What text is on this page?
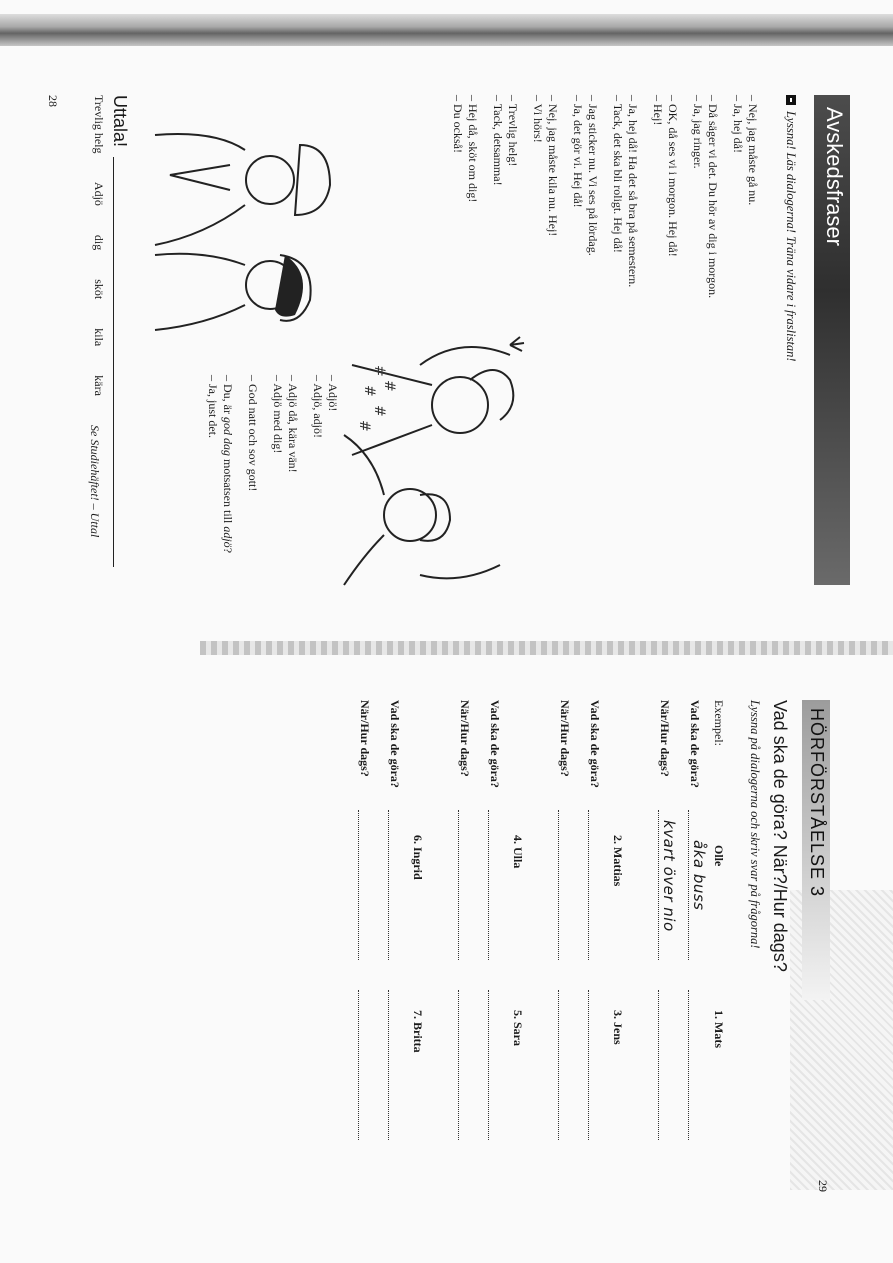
Avskedsfraser
Lyssna! Läs dialogerna! Träna vidare i fraslistan!
– Nej, jag måste gå nu.
– Ja, hej då!
– Då säger vi det. Du hör av dig i morgon.
– Ja, jag ringer.
– OK, då ses vi i morgon. Hej då!
– Hej!
– Ja, hej då! Ha det så bra på semestern.
– Tack, det ska bli roligt. Hej då!
– Jag sticker nu. Vi ses på lördag.
– Ja, det gör vi. Hej då!
– Nej, jag måste kila nu. Hej!
– Vi hörs!
– Trevlig helg!
– Tack, detsamma!
– Hej då, sköt om dig!
– Du också!
#
#
#
#
#
– Adjö!
– Adjö, adjö!
– Adjö då, kära vän!
– Adjö med dig!
– God natt och sov gott!
– Du, är god dag motsatsen till adjö?
– Ja, just det.
Uttala!
Trevlig helg Adjö dig sköt kila kära
Se Studiehäftet! – Uttal
28
HÖRFÖRSTÅELSE 3
Vad ska de göra? När?/Hur dags?
Lyssna på dialogerna och skriv svar på frågorna!
Exempel:
Olle
1. Mats
Vad ska de göra?
åka buss
När/Hur dags?
kvart över nio
2. Mattias
3. Jens
Vad ska de göra?
När/Hur dags?
4. Ulla
5. Sara
Vad ska de göra?
När/Hur dags?
6. Ingrid
7. Britta
Vad ska de göra?
När/Hur dags?
29
